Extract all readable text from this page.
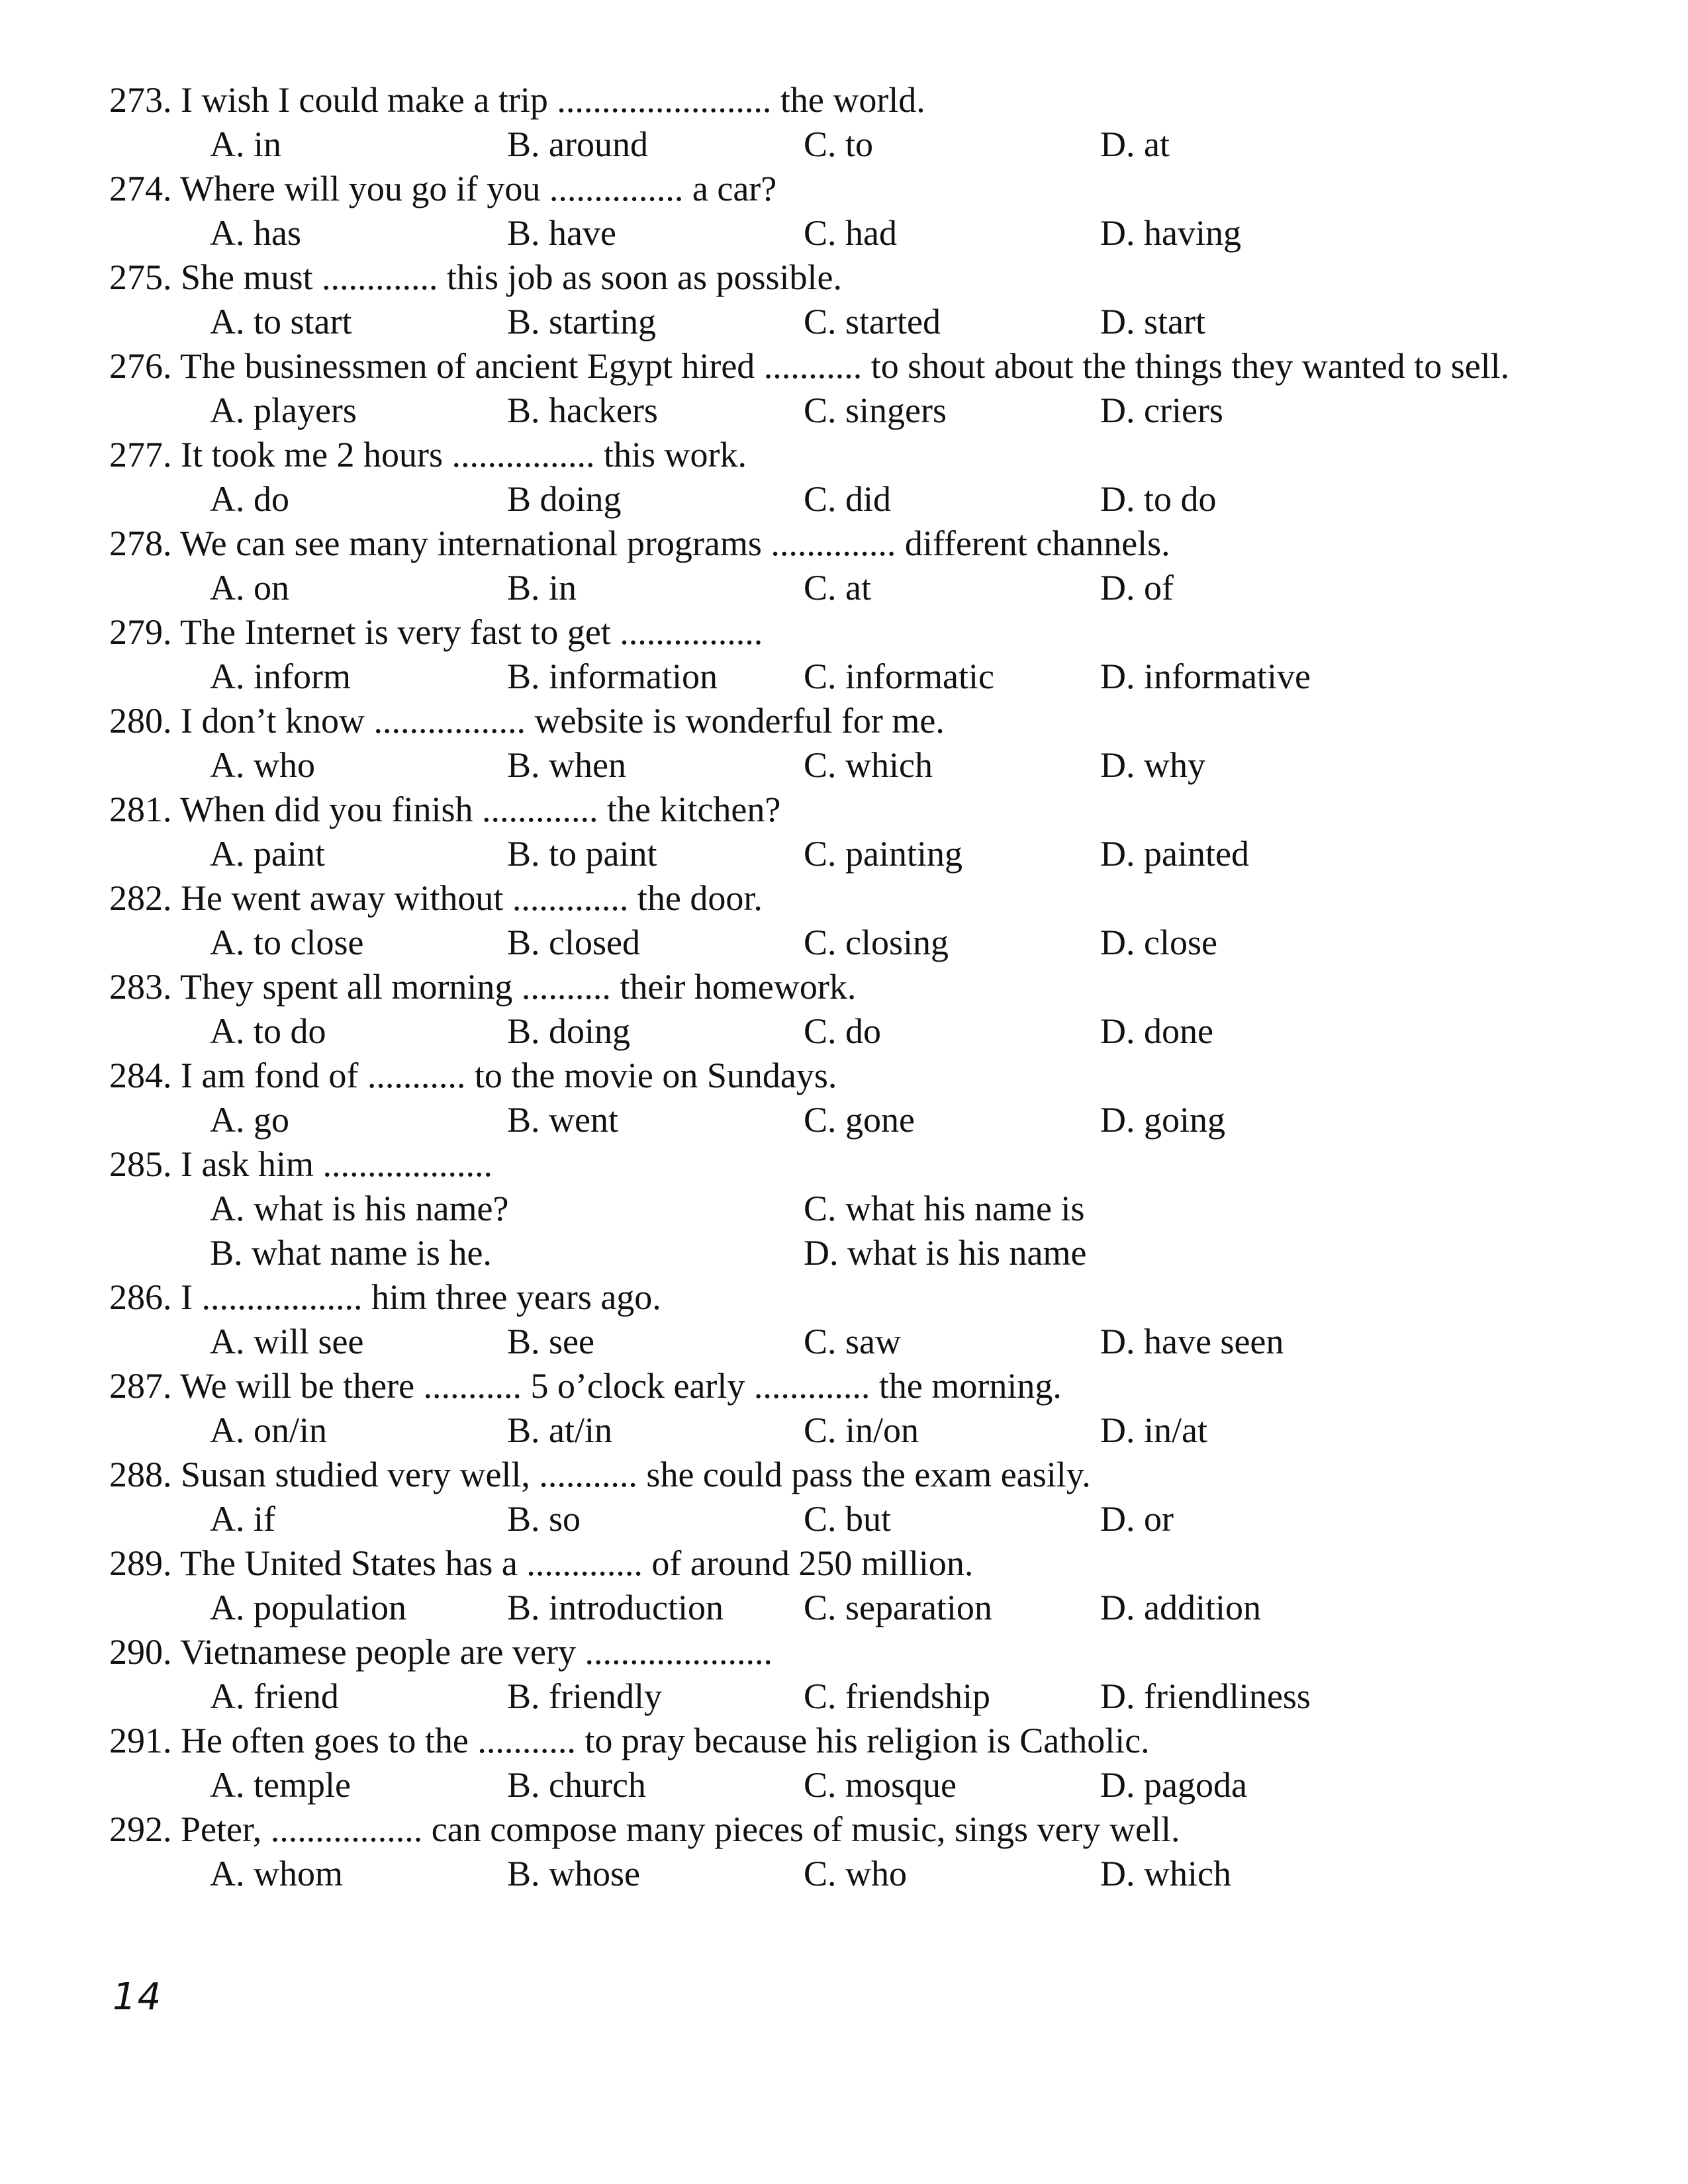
273. I wish I could make a trip ........................ the world.
A. in	B. around	C. to	D. at
274. Where will you go if you ............... a car?
A. has	B. have	C. had	D. having
275. She must ............. this job as soon as possible.
A. to start	B. starting	C. started	D. start
276. The businessmen of ancient Egypt hired ........... to shout about the things they wanted to sell.
A. players	B. hackers	C. singers	D. criers
277. It took me 2 hours ................ this work.
A. do	B doing	C. did	D. to do
278. We can see many international programs .............. different channels.
A. on	B. in	C. at	D. of
279. The Internet is very fast to get ................
A. inform	B. information C. informatic	D. informative
280. I don’t know ................. website is wonderful for me.
A. who	B. when	C. which	D. why
281. When did you finish ............. the kitchen?
A. paint	B. to paint	C. painting	D. painted
282. He went away without ............. the door.
A. to close	B. closed	C. closing	D. close
283. They spent all morning .......... their homework.
A. to do	B. doing	C. do	D. done
284. I am fond of ........... to the movie on Sundays.
A. go	B. went	C. gone	D. going
285. I ask him ...................
A. what is his name?	C. what his name is
B. what name is he.	D. what is his name
286. I .................. him three years ago.
A. will see	B. see	C. saw	D. have seen
287. We will be there ........... 5 o’clock early ............. the morning.
A. on/in	B. at/in	C. in/on	D. in/at
288. Susan studied very well, ........... she could pass the exam easily.
A. if	B. so	C. but	D. or
289. The United States has a ............. of around 250 million.
A. population	B. introduction C. separation	D. addition
290. Vietnamese people are very .....................
A. friend	B. friendly	C. friendship	D. friendliness
291. He often goes to the ........... to pray because his religion is Catholic.
A. temple	B. church	C. mosque	D. pagoda
292. Peter, ................. can compose many pieces of music, sings very well.
A. whom	B. whose	C. who	D. which
14
